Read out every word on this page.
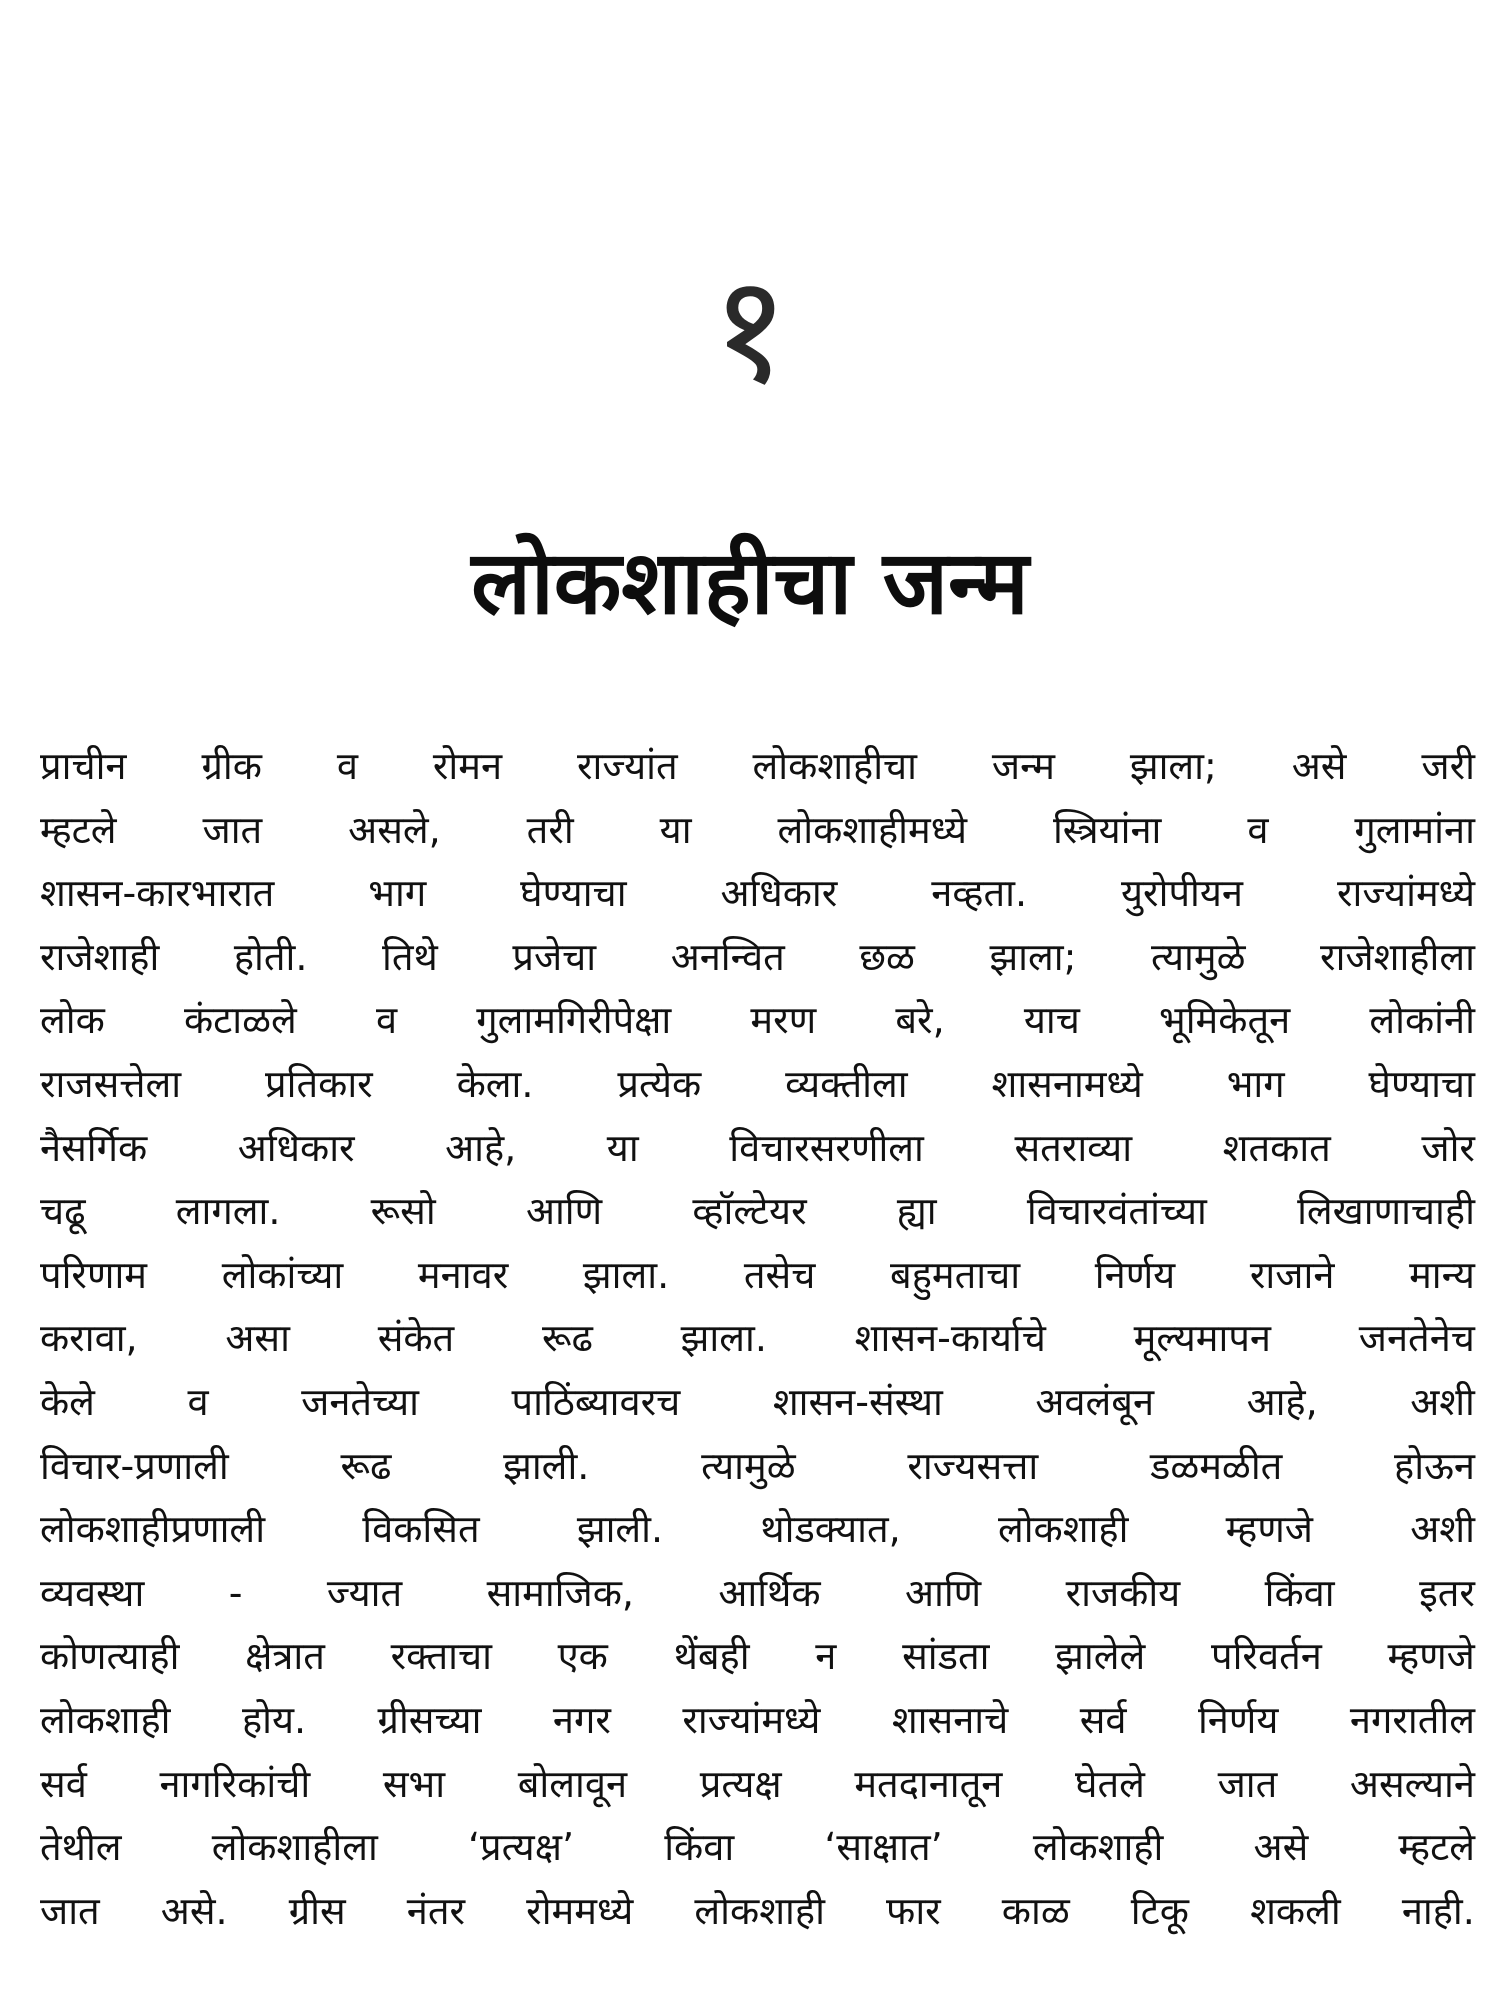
१
लोकशाहीचा जन्म
प्राचीन ग्रीक व रोमन राज्यांत लोकशाहीचा जन्म झाला; असे जरी
म्हटले जात असले, तरी या लोकशाहीमध्ये स्त्रियांना व गुलामांना
शासन-कारभारात भाग घेण्याचा अधिकार नव्हता. युरोपीयन राज्यांमध्ये
राजेशाही होती. तिथे प्रजेचा अनन्वित छळ झाला; त्यामुळे राजेशाहीला
लोक कंटाळले व गुलामगिरीपेक्षा मरण बरे, याच भूमिकेतून लोकांनी
राजसत्तेला प्रतिकार केला. प्रत्येक व्यक्तीला शासनामध्ये भाग घेण्याचा
नैसर्गिक अधिकार आहे, या विचारसरणीला सतराव्या शतकात जोर
चढू लागला. रूसो आणि व्हॉल्टेयर ह्या विचारवंतांच्या लिखाणाचाही
परिणाम लोकांच्या मनावर झाला. तसेच बहुमताचा निर्णय राजाने मान्य
करावा, असा संकेत रूढ झाला. शासन-कार्याचे मूल्यमापन जनतेनेच
केले व जनतेच्या पाठिंब्यावरच शासन-संस्था अवलंबून आहे, अशी
विचार-प्रणाली	रूढ	झाली.	त्यामुळे	राज्यसत्ता	डळमळीत	होऊन
लोकशाहीप्रणाली	विकसित	झाली.	थोडक्यात,	लोकशाही	म्हणजे	अशी
व्यवस्था - ज्यात सामाजिक, आर्थिक आणि राजकीय किंवा इतर
कोणत्याही क्षेत्रात रक्ताचा एक थेंबही न सांडता झालेले परिवर्तन म्हणजे
लोकशाही होय. ग्रीसच्या नगर राज्यांमध्ये शासनाचे सर्व निर्णय नगरातील
सर्व नागरिकांची सभा बोलावून प्रत्यक्ष मतदानातून घेतले जात असल्याने
तेथील लोकशाहीला ‘प्रत्यक्ष’ किंवा ‘साक्षात’ लोकशाही असे म्हटले
जात असे. ग्रीस नंतर रोममध्ये लोकशाही फार काळ टिकू शकली नाही.
